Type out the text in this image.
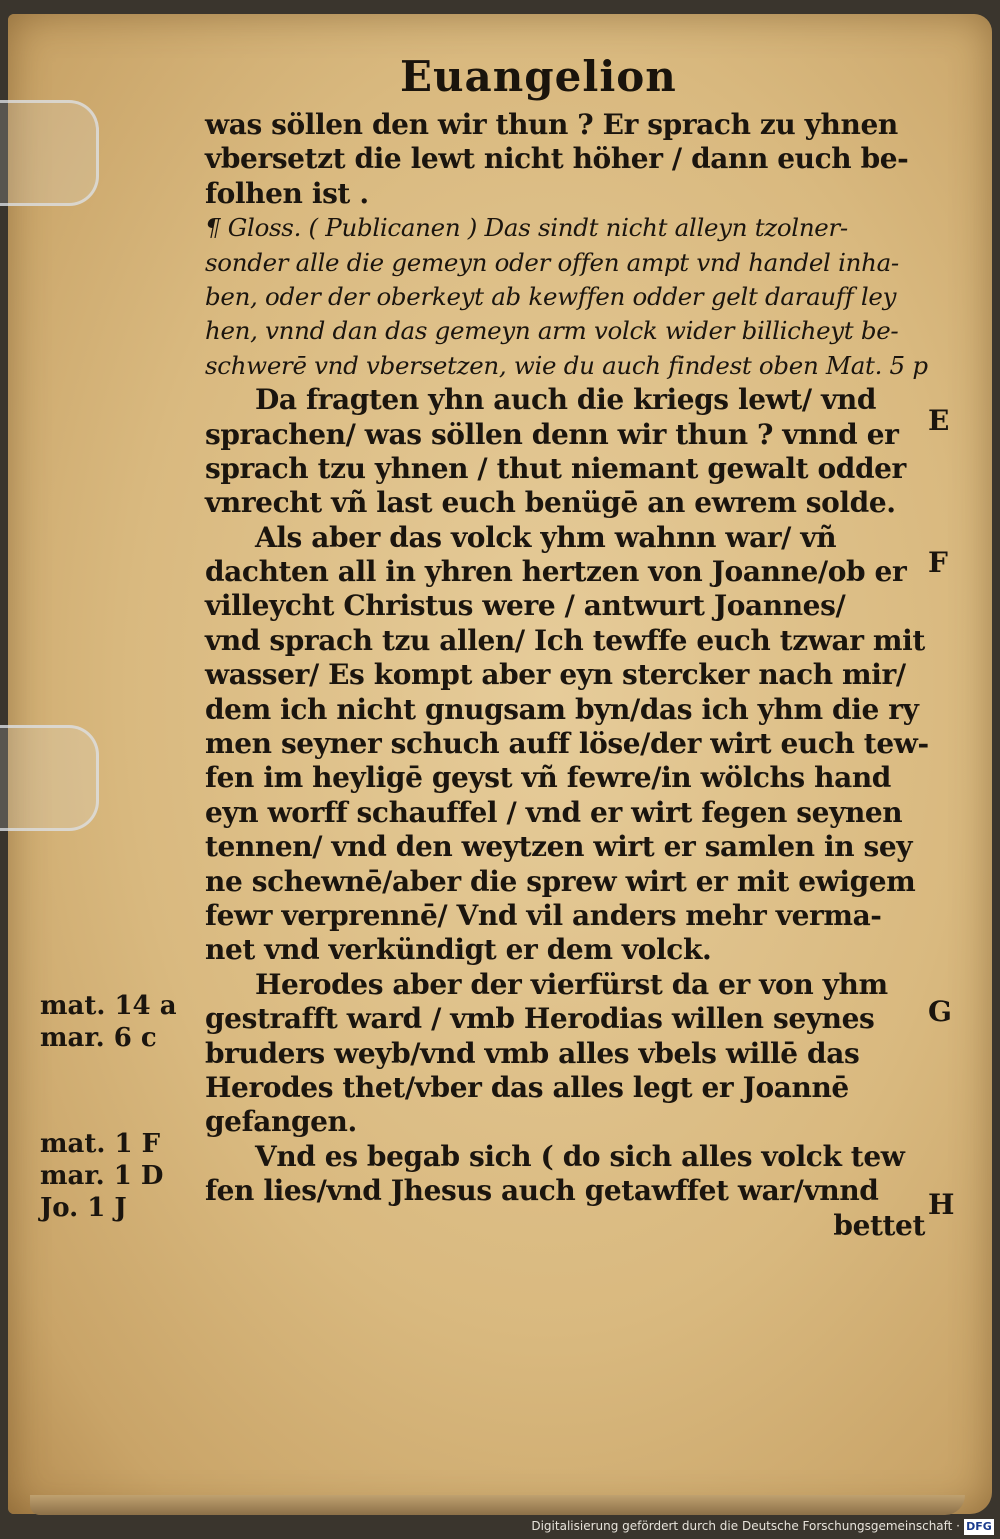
Euangelion
was söllen den wir thun ? Er sprach zu yhnen
vbersetzt die lewt nicht höher / dann euch be‑
folhen ist .
¶ Gloss. ( Publicanen ) Das sindt nicht alleyn tzolner‑
sonder alle die gemeyn oder offen ampt vnd handel inha‑
ben, oder der oberkeyt ab kewffen odder gelt darauff ley
hen, vnnd dan das gemeyn arm volck wider billicheyt be‑
schwerē vnd vbersetzen, wie du auch findest oben Mat. 5 p
Da fragten yhn auch die kriegs lewt/ vnd
sprachen/ was söllen denn wir thun ? vnnd er
sprach tzu yhnen / thut niemant gewalt odder
vnrecht vñ last euch benügē an ewrem solde.
Als aber das volck yhm wahnn war/ vñ
dachten all in yhren hertzen von Joanne/ob er
villeycht Christus were / antwurt Joannes/
vnd sprach tzu allen/ Ich tewffe euch tzwar mit
wasser/ Es kompt aber eyn stercker nach mir/
dem ich nicht gnugsam byn/das ich yhm die ry
men seyner schuch auff löse/der wirt euch tew‑
fen im heyligē geyst vñ fewre/in wölchs hand
eyn worff schauffel / vnd er wirt fegen seynen
tennen/ vnd den weytzen wirt er samlen in sey
ne schewnē/aber die sprew wirt er mit ewigem
fewr verprennē/ Vnd vil anders mehr verma‑
net vnd verkündigt er dem volck.
Herodes aber der vierfürst da er von yhm
gestrafft ward / vmb Herodias willen seynes
bruders weyb/vnd vmb alles vbels willē das
Herodes thet/vber das alles legt er Joannē
gefangen.
Vnd es begab sich ( do sich alles volck tew
fen lies/vnd Jhesus auch getawffet war/vnnd
bettet
E
F
G
H
mat. 14 a
mar. 6 c
mat. 1 F
mar. 1 D
Jo. 1 J
Digitalisierung gefördert durch die Deutsche Forschungsgemeinschaft · DFG
